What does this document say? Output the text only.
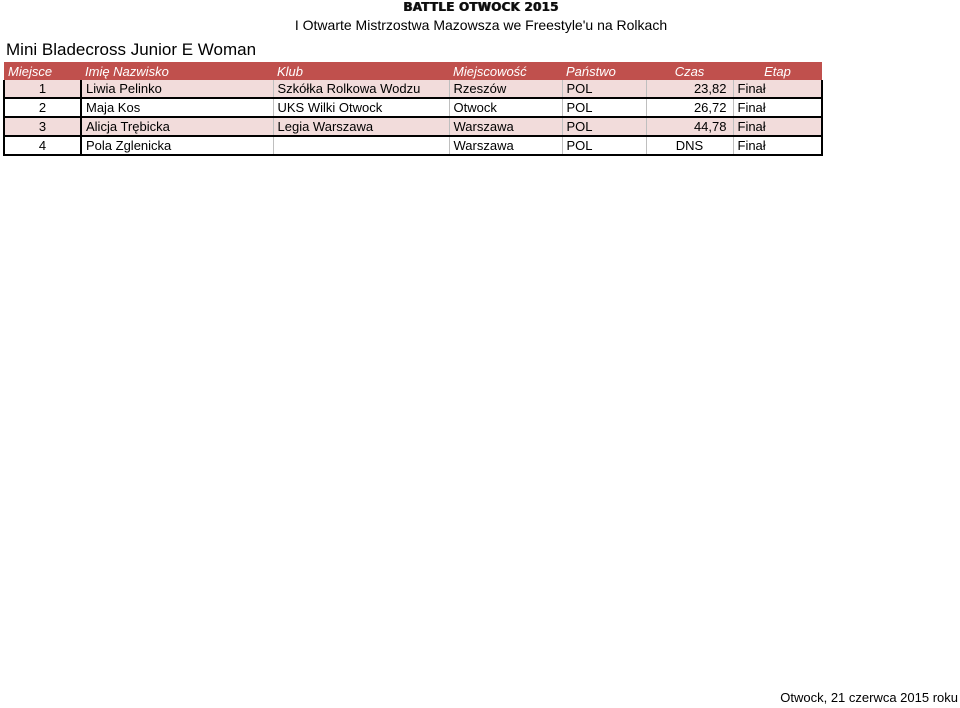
BATTLE OTWOCK 2015
I Otwarte Mistrzostwa Mazowsza we Freestyle'u na Rolkach
Mini Bladecross Junior E Woman
Miejsce	Imię Nazwisko	Klub	Miejscowość	Państwo	Czas	Etap
1	Liwia Pelinko	Szkółka Rolkowa Wodzu	Rzeszów	POL	23,82	Finał
2	Maja Kos	UKS Wilki Otwock	Otwock	POL	26,72	Finał
3	Alicja Trębicka	Legia Warszawa	Warszawa	POL	44,78	Finał
4	Pola Zglenicka		Warszawa	POL	DNS	Finał
Otwock, 21 czerwca 2015 roku
